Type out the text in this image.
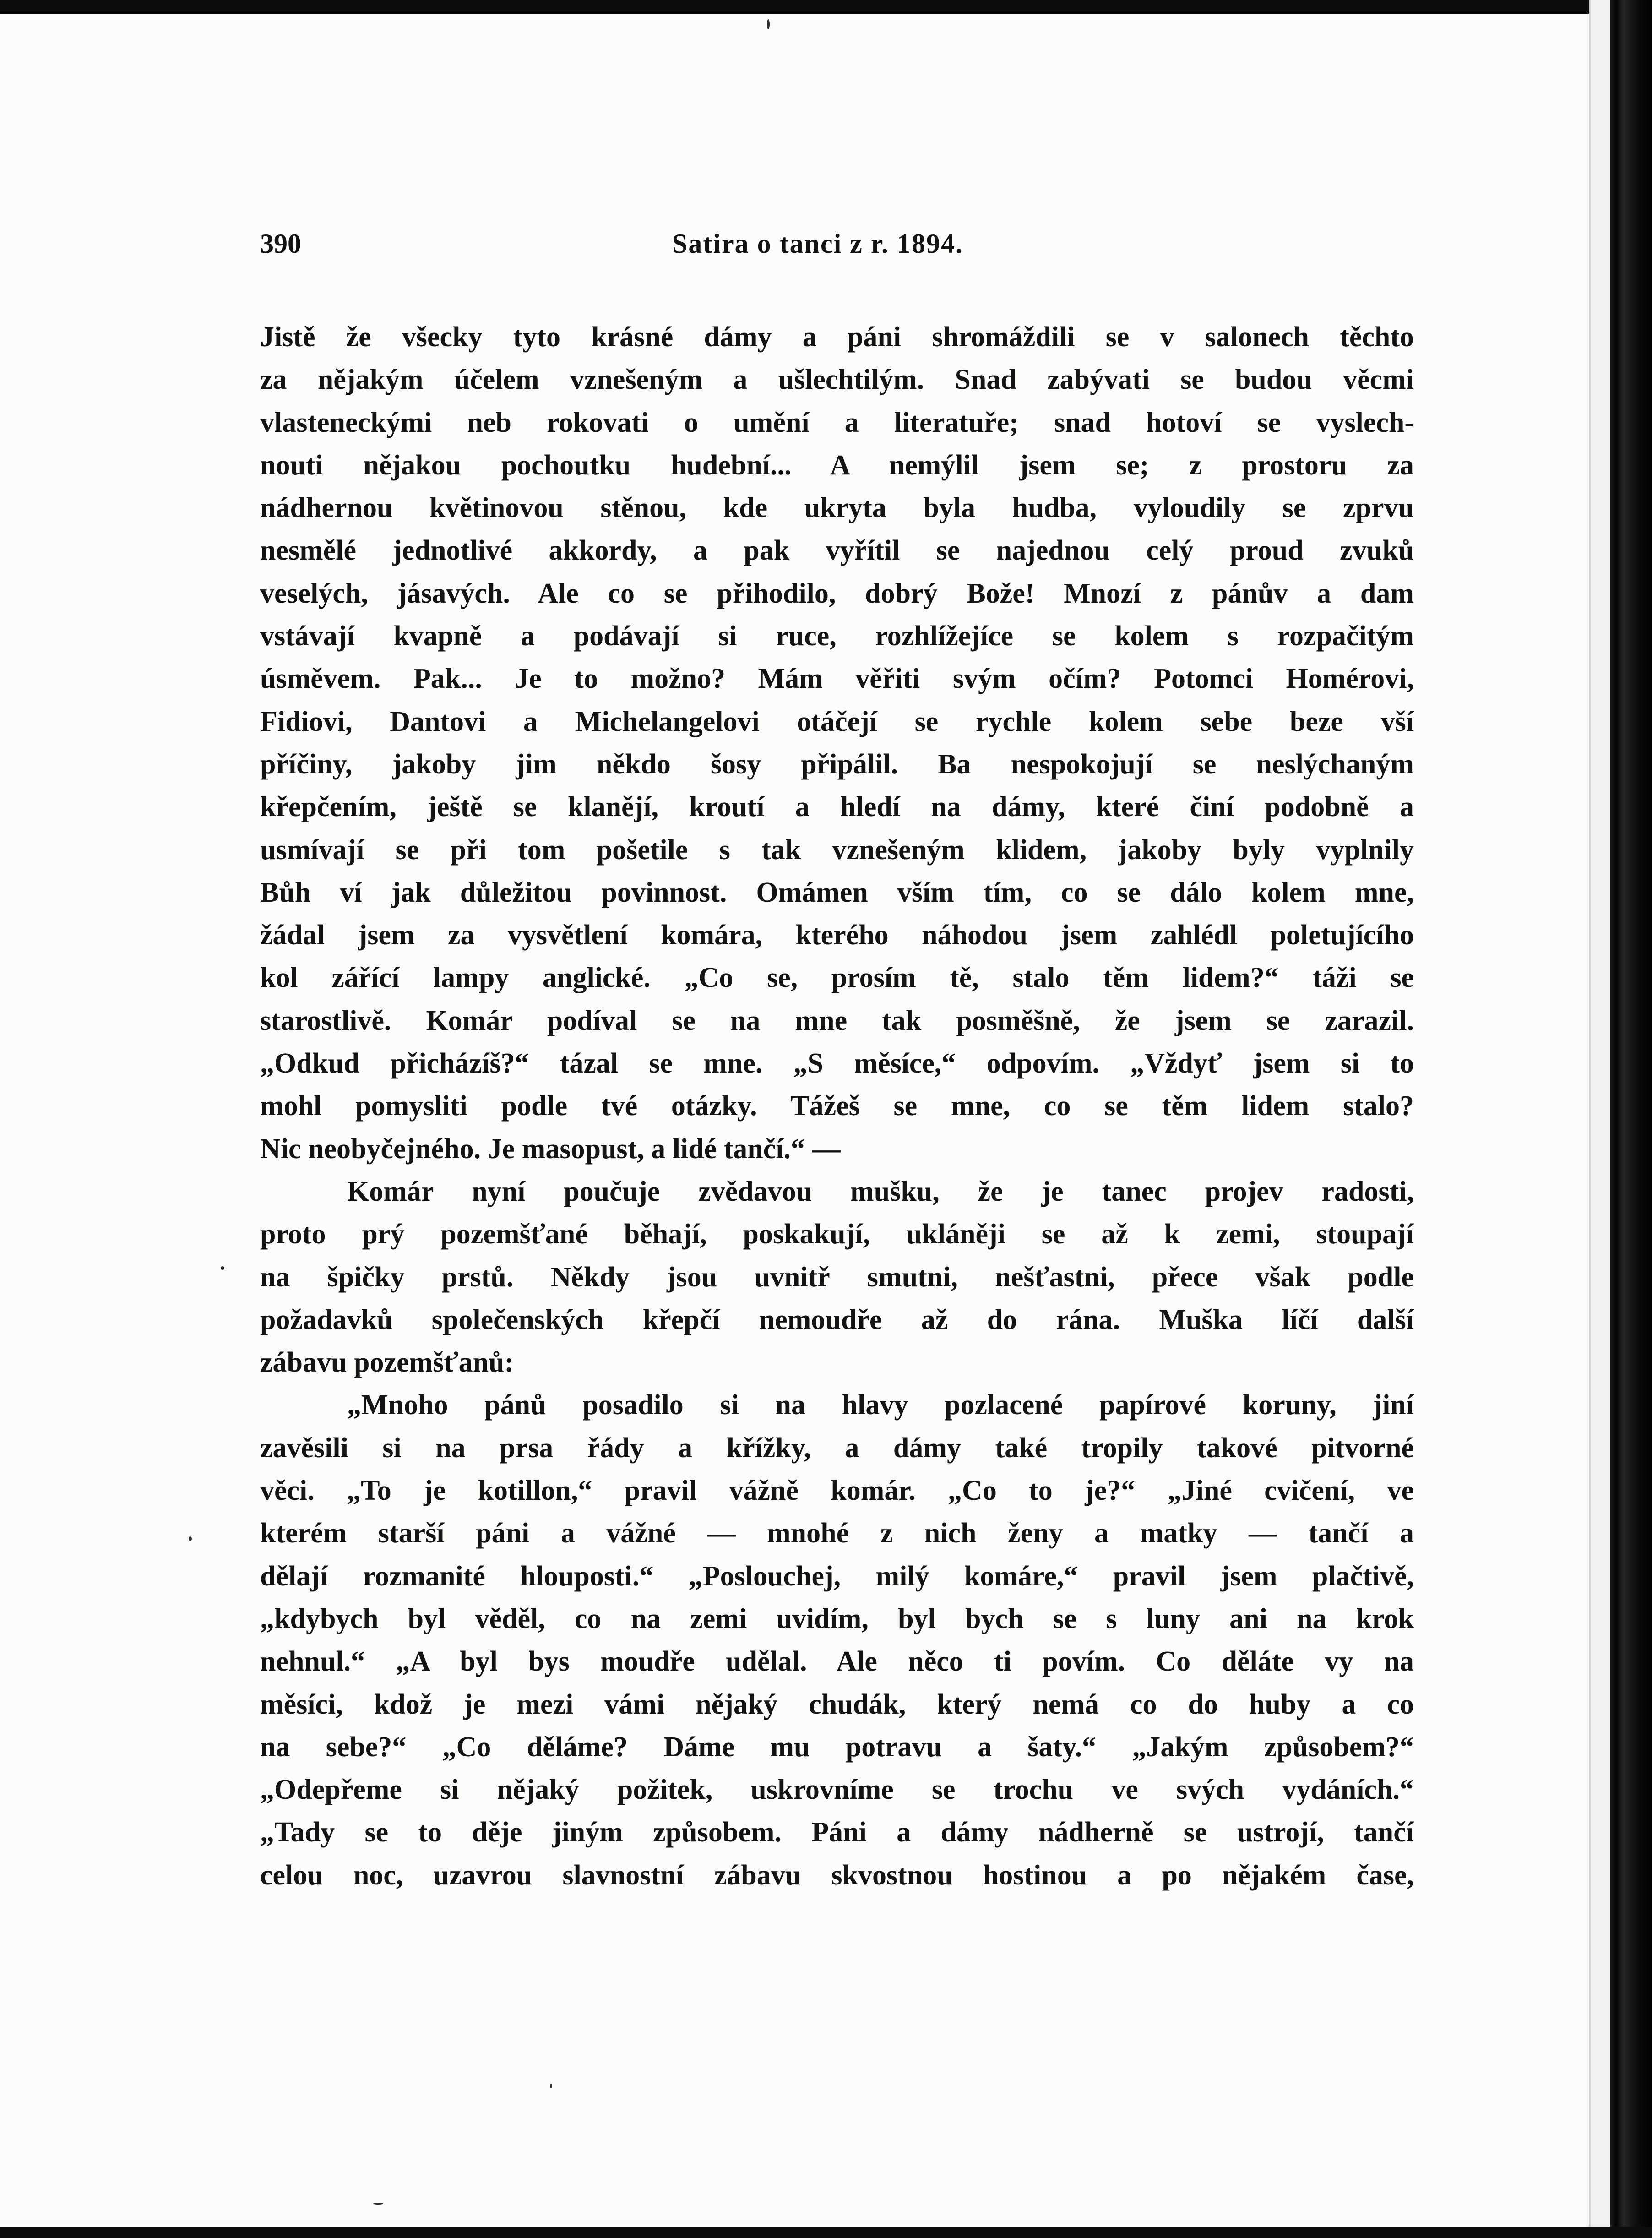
390	Satira o tanci z r. 1894.
Jistě že všecky tyto krásné dámy a páni shromáždili se v salonech těchto
za nějakým účelem vznešeným a ušlechtilým. Snad zabývati se budou věcmi
vlasteneckými neb rokovati o umění a literatuře; snad hotoví se vyslech-
nouti nějakou pochoutku hudební... A nemýlil jsem se; z prostoru za
nádhernou květinovou stěnou, kde ukryta byla hudba, vyloudily se zprvu
nesmělé jednotlivé akkordy, a pak vyřítil se najednou celý proud zvuků
veselých, jásavých. Ale co se přihodilo, dobrý Bože! Mnozí z pánův a dam
vstávají kvapně a podávají si ruce, rozhlížejíce se kolem s rozpačitým
úsměvem. Pak... Je to možno? Mám věřiti svým očím? Potomci Homérovi,
Fidiovi, Dantovi a Michelangelovi otáčejí se rychle kolem sebe beze vší
příčiny, jakoby jim někdo šosy připálil. Ba nespokojují se neslýchaným
křepčením, ještě se klanějí, kroutí a hledí na dámy, které činí podobně a
usmívají se při tom pošetile s tak vznešeným klidem, jakoby byly vyplnily
Bůh ví jak důležitou povinnost. Omámen vším tím, co se dálo kolem mne,
žádal jsem za vysvětlení komára, kterého náhodou jsem zahlédl poletujícího
kol zářící lampy anglické. „Co se, prosím tě, stalo těm lidem?“ táži se
starostlivě. Komár podíval se na mne tak posměšně, že jsem se zarazil.
„Odkud přicházíš?“ tázal se mne. „S měsíce,“ odpovím. „Vždyť jsem si to
mohl pomysliti podle tvé otázky. Tážeš se mne, co se těm lidem stalo?
Nic neobyčejného. Je masopust, a lidé tančí.“ —
Komár nyní poučuje zvědavou mušku, že je tanec projev radosti,
proto prý pozemšťané běhají, poskakují, ukláněji se až k zemi, stoupají
na špičky prstů. Někdy jsou uvnitř smutni, nešťastni, přece však podle
požadavků společenských křepčí nemoudře až do rána. Muška líčí další
zábavu pozemšťanů:
„Mnoho pánů posadilo si na hlavy pozlacené papírové koruny, jiní
zavěsili si na prsa řády a křížky, a dámy také tropily takové pitvorné
věci. „To je kotillon,“ pravil vážně komár. „Co to je?“ „Jiné cvičení, ve
kterém starší páni a vážné — mnohé z nich ženy a matky — tančí a
dělají rozmanité hlouposti.“ „Poslouchej, milý komáre,“ pravil jsem plačtivě,
„kdybych byl věděl, co na zemi uvidím, byl bych se s luny ani na krok
nehnul.“ „A byl bys moudře udělal. Ale něco ti povím. Co děláte vy na
měsíci, kdož je mezi vámi nějaký chudák, který nemá co do huby a co
na sebe?“ „Co děláme? Dáme mu potravu a šaty.“ „Jakým způsobem?“
„Odepřeme si nějaký požitek, uskrovníme se trochu ve svých vydáních.“
„Tady se to děje jiným způsobem. Páni a dámy nádherně se ustrojí, tančí
celou noc, uzavrou slavnostní zábavu skvostnou hostinou a po nějakém čase,
